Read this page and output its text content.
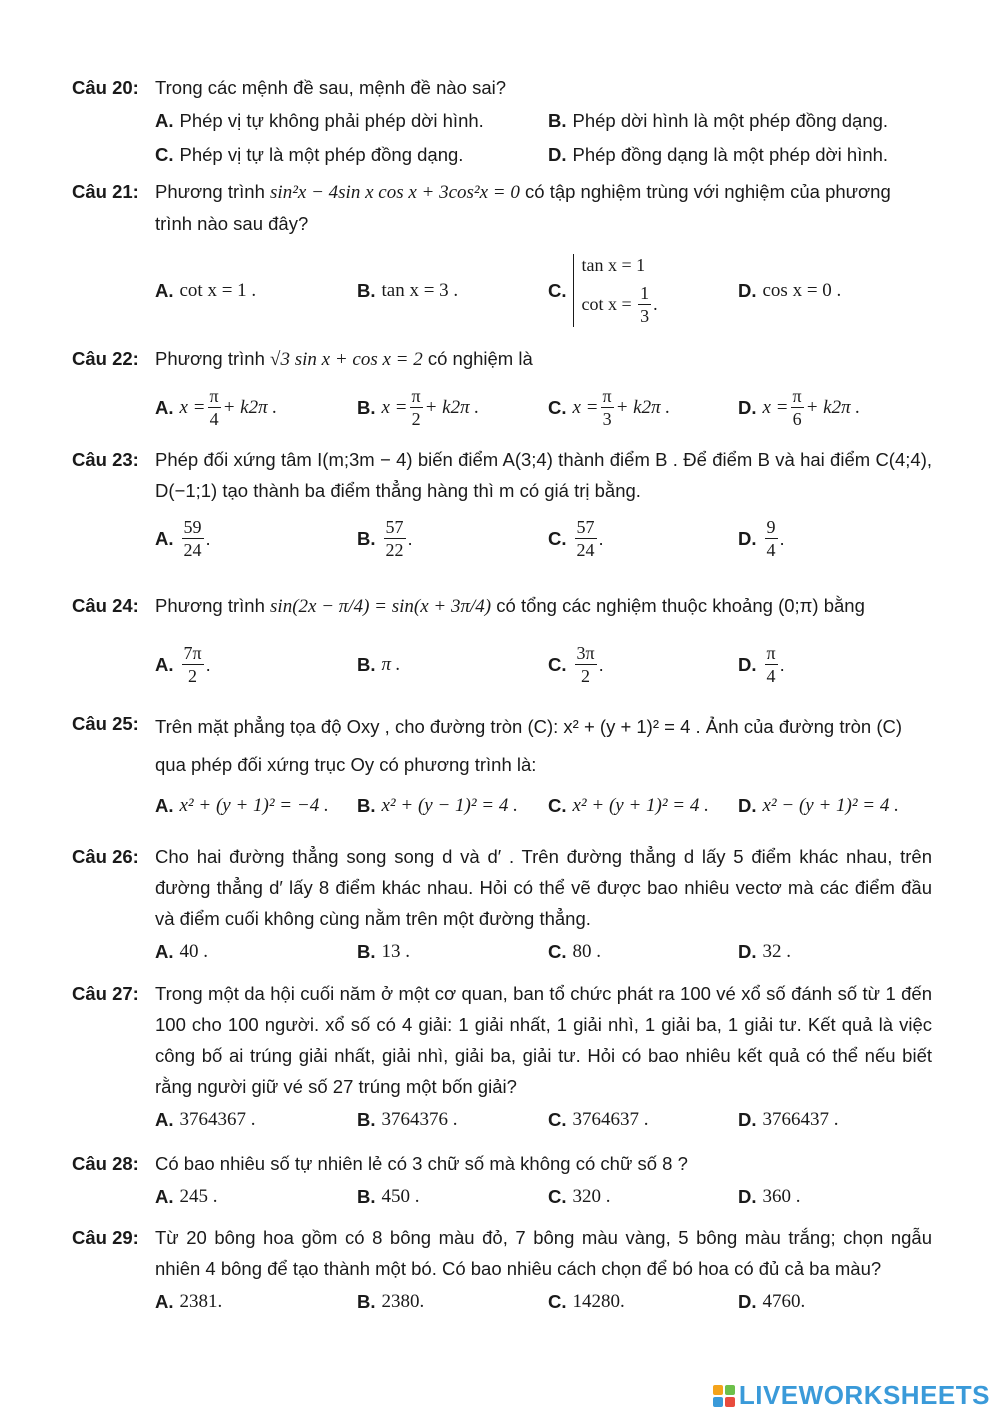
Câu 20: Trong các mệnh đề sau, mệnh đề nào sai?
A. Phép vị tự không phải phép dời hình.	B. Phép dời hình là một phép đồng dạng.
C. Phép vị tự là một phép đồng dạng.	D. Phép đồng dạng là một phép dời hình.
Câu 21: Phương trình sin²x − 4sin x cos x + 3cos²x = 0 có tập nghiệm trùng với nghiệm của phương trình nào sau đây?
A. cot x = 1 .	B. tan x = 3 .	C.
tan x = 1
cot x =
$\frac{1}{3}$ .
D. cos x = 0 .
Câu 22: Phương trình √3 sin x + cos x = 2 có nghiệm là
A. $x = \frac{\pi}{4} + k2\pi$ .	B. $x = \frac{\pi}{2} + k2\pi$ .	C. $x = \frac{\pi}{3} + k2\pi$ .	D. $x = \frac{\pi}{6} + k2\pi$ .
Câu 23: Phép đối xứng tâm I(m;3m − 4) biến điểm A(3;4) thành điểm B . Để điểm B và hai điểm C(4;4), D(−1;1) tạo thành ba điểm thẳng hàng thì m có giá trị bằng.
A. $\frac{59}{24}$ .	B. $\frac{57}{22}$ .	C. $\frac{57}{24}$ .	D. $\frac{9}{4}$ .
Câu 24: Phương trình sin(2x − π/4) = sin(x + 3π/4) có tổng các nghiệm thuộc khoảng (0;π) bằng
A. $\frac{7\pi}{2}$ .	B. π .	C. $\frac{3\pi}{2}$ .	D. $\frac{\pi}{4}$ .
Câu 25: Trên mặt phẳng tọa độ Oxy , cho đường tròn (C): x² + (y + 1)² = 4 . Ảnh của đường tròn (C) qua phép đối xứng trục Oy có phương trình là:
A. x² + (y + 1)² = −4 . B. x² + (y − 1)² = 4 . C. x² + (y + 1)² = 4 . D. x² − (y + 1)² = 4 .
Câu 26: Cho hai đường thẳng song song d và d′ . Trên đường thẳng d lấy 5 điểm khác nhau, trên đường thẳng d′ lấy 8 điểm khác nhau. Hỏi có thể vẽ được bao nhiêu vectơ mà các điểm đầu và điểm cuối không cùng nằm trên một đường thẳng.
A. 40 .	B. 13 .	C. 80 .	D. 32 .
Câu 27: Trong một da hội cuối năm ở một cơ quan, ban tổ chức phát ra 100 vé xổ số đánh số từ 1 đến 100 cho 100 người. xổ số có 4 giải: 1 giải nhất, 1 giải nhì, 1 giải ba, 1 giải tư. Kết quả là việc công bố ai trúng giải nhất, giải nhì, giải ba, giải tư. Hỏi có bao nhiêu kết quả có thể nếu biết rằng người giữ vé số 27 trúng một bốn giải?
A. 3764367 .	B. 3764376 .	C. 3764637 .	D. 3766437 .
Câu 28: Có bao nhiêu số tự nhiên lẻ có 3 chữ số mà không có chữ số 8 ?
A. 245 .	B. 450 .	C. 320 .	D. 360 .
Câu 29: Từ 20 bông hoa gồm có 8 bông màu đỏ, 7 bông màu vàng, 5 bông màu trắng; chọn ngẫu nhiên 4 bông để tạo thành một bó. Có bao nhiêu cách chọn để bó hoa có đủ cả ba màu?
A. 2381.	B. 2380.	C. 14280.	D. 4760.
LIVEWORKSHEETS
